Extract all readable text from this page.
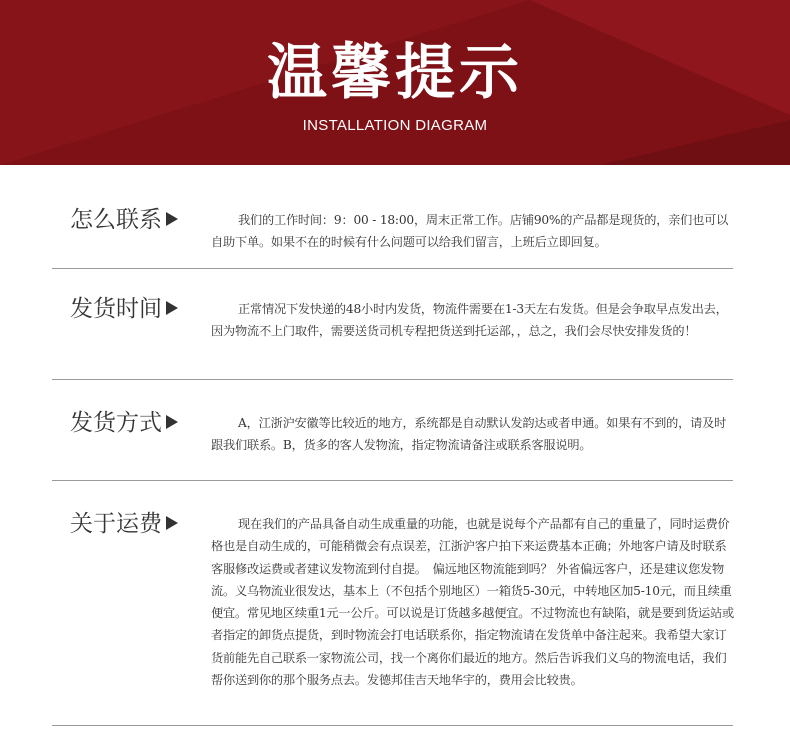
温馨提示
INSTALLATION DIAGRAM
怎么联系	我们的工作时间：9：00 - 18:00，周末正常工作。店铺90%的产品都是现货的，亲们也可以自助下单。如果不在的时候有什么问题可以给我们留言，上班后立即回复。

发货时间	正常情况下发快递的48小时内发货，物流件需要在1-3天左右发货。但是会争取早点发出去，因为物流不上门取件，需要送货司机专程把货送到托运部，，总之，我们会尽快安排发货的！

发货方式	A，江浙沪安徽等比较近的地方，系统都是自动默认发韵达或者申通。如果有不到的，请及时跟我们联系。B，货多的客人发物流，指定物流请备注或联系客服说明。

关于运费	现在我们的产品具备自动生成重量的功能，也就是说每个产品都有自己的重量了，同时运费价格也是自动生成的，可能稍微会有点误差，江浙沪客户拍下来运费基本正确；外地客户请及时联系客服修改运费或者建议发物流到付自提。　偏远地区物流能到吗？ 外省偏远客户，还是建议您发物流。义乌物流业很发达，基本上（不包括个别地区）一箱货5-30元，中转地区加5-10元，而且续重便宜。常见地区续重1元一公斤。可以说是订货越多越便宜。不过物流也有缺陷，就是要到货运站或者指定的卸货点提货，到时物流会打电话联系你，指定物流请在发货单中备注起来。我希望大家订货前能先自己联系一家物流公司，找一个离你们最近的地方。然后告诉我们义乌的物流电话，我们帮你送到你的那个服务点去。发德邦佳吉天地华宇的，费用会比较贵。
